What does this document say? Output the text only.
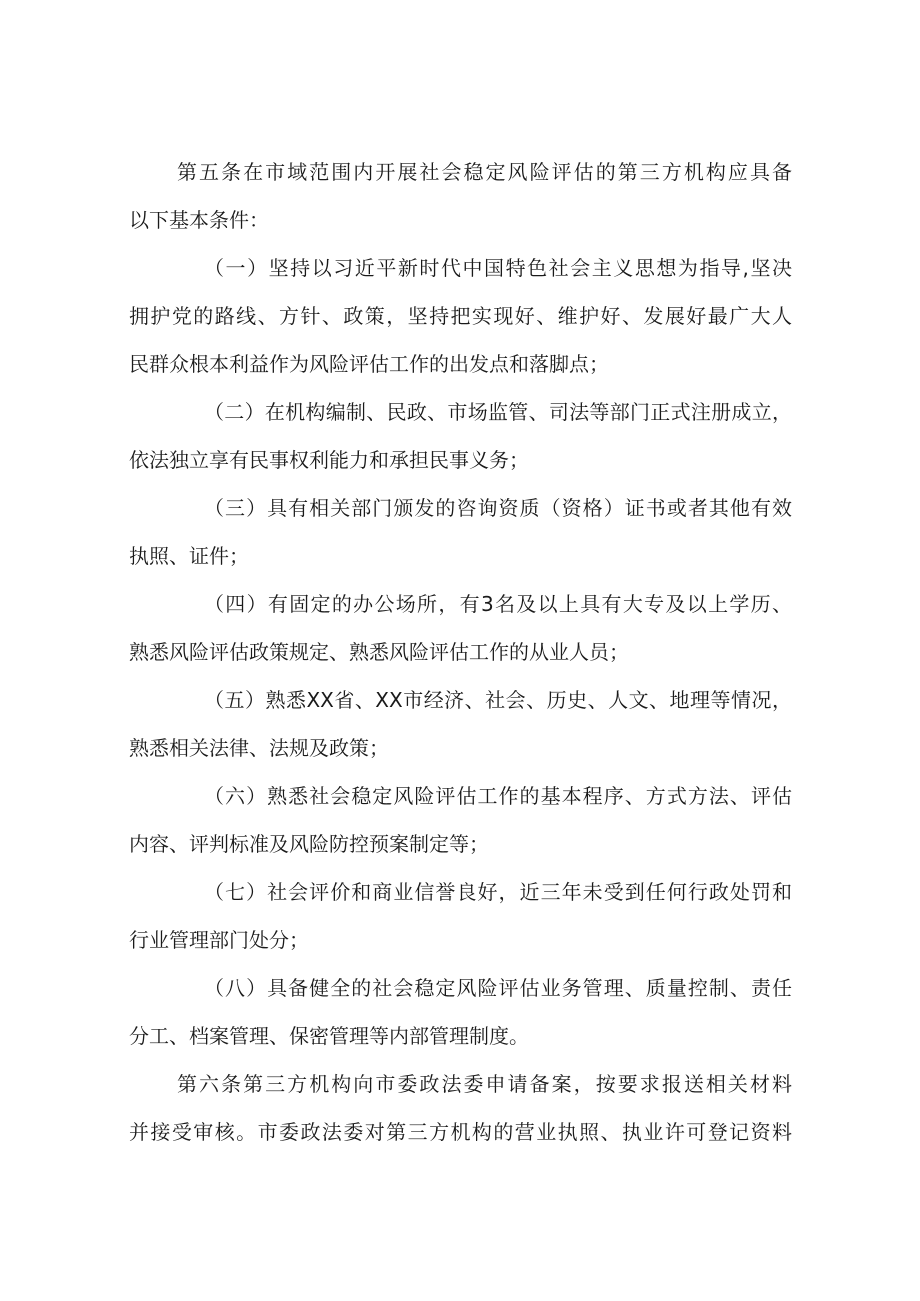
第五条在市域范围内开展社会稳定风险评估的第三方机构应具备
以下基本条件：
（一）坚持以习近平新时代中国特色社会主义思想为指导,坚决
拥护党的路线、方针、政策，坚持把实现好、维护好、发展好最广大人
民群众根本利益作为风险评估工作的出发点和落脚点；
（二）在机构编制、民政、市场监管、司法等部门正式注册成立，
依法独立享有民事权利能力和承担民事义务；
（三）具有相关部门颁发的咨询资质（资格）证书或者其他有效
执照、证件；
（四）有固定的办公场所，有3名及以上具有大专及以上学历、
熟悉风险评估政策规定、熟悉风险评估工作的从业人员；
（五）熟悉XX省、XX市经济、社会、历史、人文、地理等情况，
熟悉相关法律、法规及政策；
（六）熟悉社会稳定风险评估工作的基本程序、方式方法、评估
内容、评判标准及风险防控预案制定等；
（七）社会评价和商业信誉良好，近三年未受到任何行政处罚和
行业管理部门处分；
（八）具备健全的社会稳定风险评估业务管理、质量控制、责任
分工、档案管理、保密管理等内部管理制度。
第六条第三方机构向市委政法委申请备案，按要求报送相关材料
并接受审核。市委政法委对第三方机构的营业执照、执业许可登记资料
